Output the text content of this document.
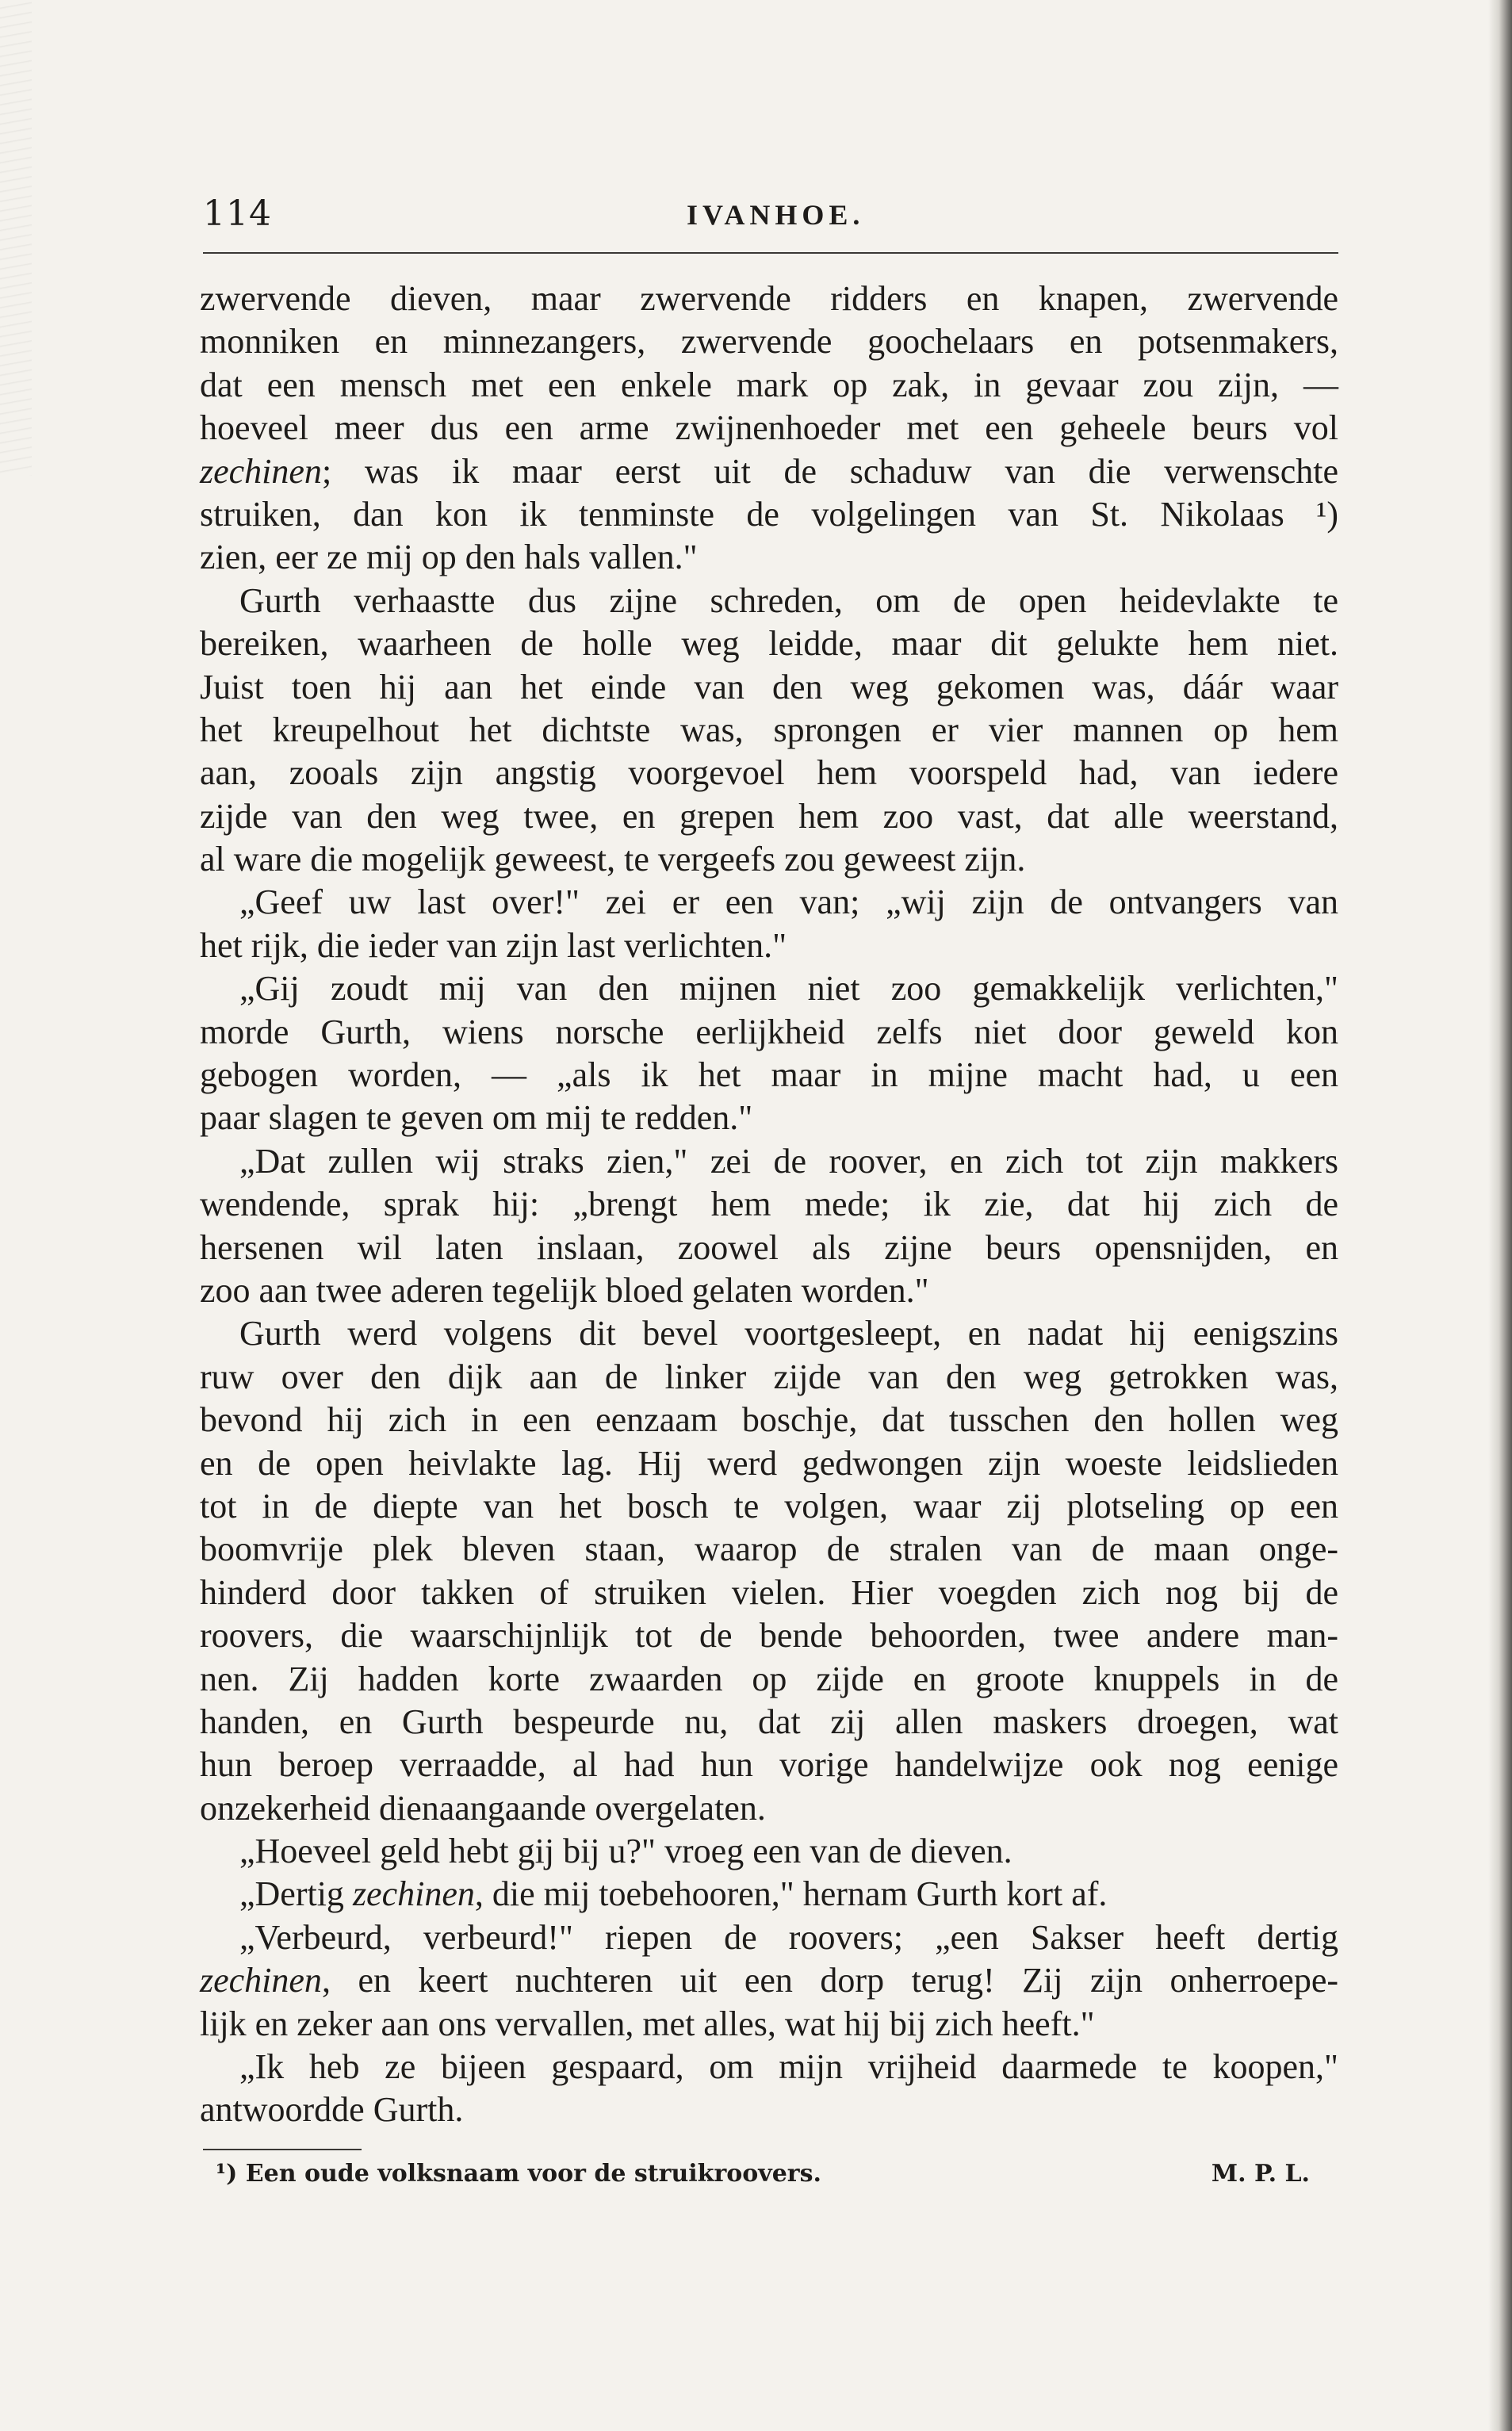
114	IVANHOE.
zwervende dieven, maar zwervende ridders en knapen, zwervende
monniken en minnezangers, zwervende goochelaars en potsenmakers,
dat een mensch met een enkele mark op zak, in gevaar zou zijn, —
hoeveel meer dus een arme zwijnenhoeder met een geheele beurs vol
zechinen; was ik maar eerst uit de schaduw van die verwenschte
struiken, dan kon ik tenminste de volgelingen van St. Nikolaas ¹)
zien, eer ze mij op den hals vallen."
Gurth verhaastte dus zijne schreden, om de open heidevlakte te
bereiken, waarheen de holle weg leidde, maar dit gelukte hem niet.
Juist toen hij aan het einde van den weg gekomen was, dáár waar
het kreupelhout het dichtste was, sprongen er vier mannen op hem
aan, zooals zijn angstig voorgevoel hem voorspeld had, van iedere
zijde van den weg twee, en grepen hem zoo vast, dat alle weerstand,
al ware die mogelijk geweest, te vergeefs zou geweest zijn.
„Geef uw last over!" zei er een van; „wij zijn de ontvangers van
het rijk, die ieder van zijn last verlichten."
„Gij zoudt mij van den mijnen niet zoo gemakkelijk verlichten,"
morde Gurth, wiens norsche eerlijkheid zelfs niet door geweld kon
gebogen worden, — „als ik het maar in mijne macht had, u een
paar slagen te geven om mij te redden."
„Dat zullen wij straks zien," zei de roover, en zich tot zijn makkers
wendende, sprak hij: „brengt hem mede; ik zie, dat hij zich de
hersenen wil laten inslaan, zoowel als zijne beurs opensnijden, en
zoo aan twee aderen tegelijk bloed gelaten worden."
Gurth werd volgens dit bevel voortgesleept, en nadat hij eenigszins
ruw over den dijk aan de linker zijde van den weg getrokken was,
bevond hij zich in een eenzaam boschje, dat tusschen den hollen weg
en de open heivlakte lag. Hij werd gedwongen zijn woeste leidslieden
tot in de diepte van het bosch te volgen, waar zij plotseling op een
boomvrije plek bleven staan, waarop de stralen van de maan onge-
hinderd door takken of struiken vielen. Hier voegden zich nog bij de
roovers, die waarschijnlijk tot de bende behoorden, twee andere man-
nen. Zij hadden korte zwaarden op zijde en groote knuppels in de
handen, en Gurth bespeurde nu, dat zij allen maskers droegen, wat
hun beroep verraadde, al had hun vorige handelwijze ook nog eenige
onzekerheid dienaangaande overgelaten.
„Hoeveel geld hebt gij bij u?" vroeg een van de dieven.
„Dertig zechinen, die mij toebehooren," hernam Gurth kort af.
„Verbeurd, verbeurd!" riepen de roovers; „een Sakser heeft dertig
zechinen, en keert nuchteren uit een dorp terug! Zij zijn onherroepe-
lijk en zeker aan ons vervallen, met alles, wat hij bij zich heeft."
„Ik heb ze bijeen gespaard, om mijn vrijheid daarmede te koopen,"
antwoordde Gurth.
¹) Een oude volksnaam voor de struikroovers.	M. P. L.
